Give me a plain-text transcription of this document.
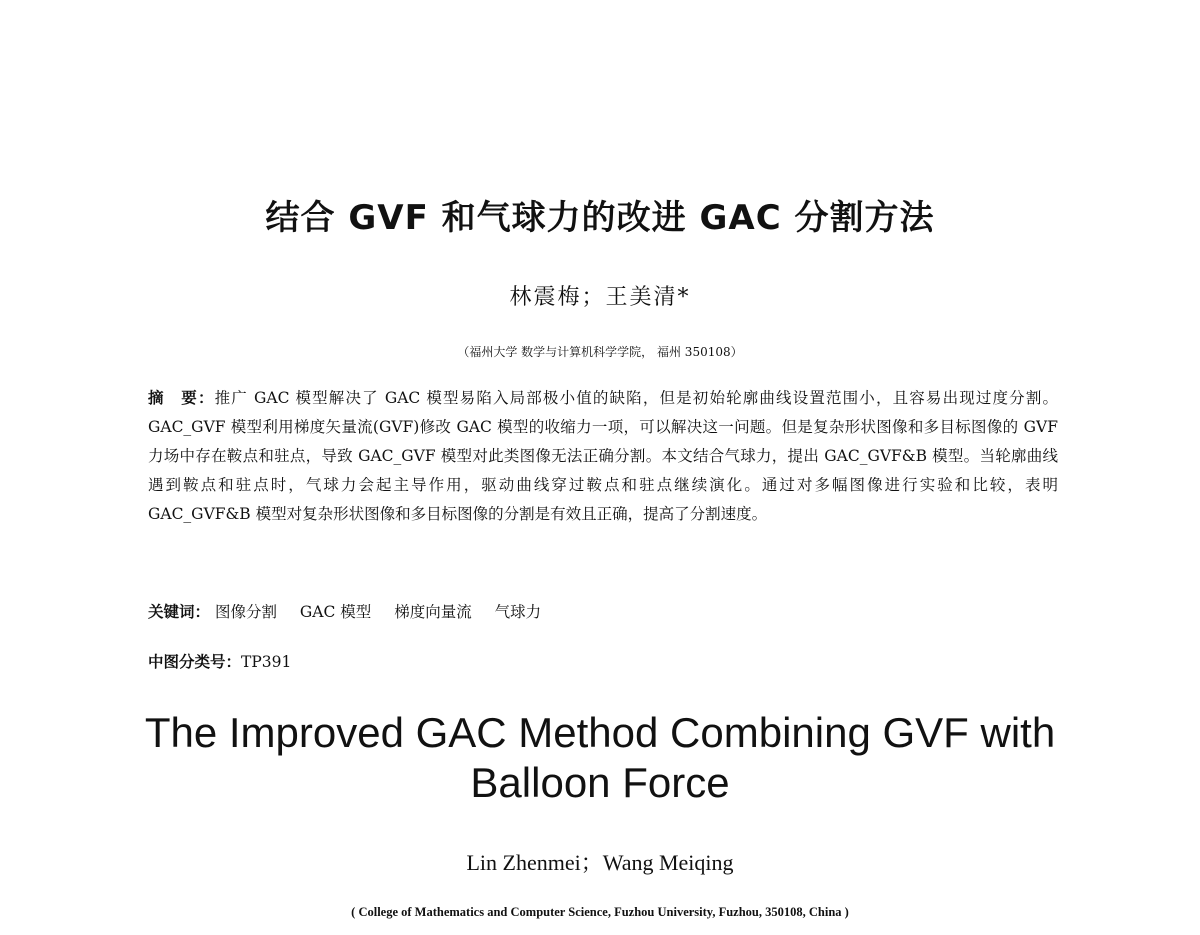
结合 GVF 和气球力的改进 GAC 分割方法
林震梅；王美清*
（福州大学 数学与计算机科学学院， 福州 350108）
摘　要：推广 GAC 模型解决了 GAC 模型易陷入局部极小值的缺陷，但是初始轮廓曲线设置范围小，且容易出现过度分割。GAC_GVF 模型利用梯度矢量流(GVF)修改 GAC 模型的收缩力一项，可以解决这一问题。但是复杂形状图像和多目标图像的 GVF 力场中存在鞍点和驻点，导致 GAC_GVF 模型对此类图像无法正确分割。本文结合气球力，提出 GAC_GVF&B 模型。当轮廓曲线遇到鞍点和驻点时，气球力会起主导作用，驱动曲线穿过鞍点和驻点继续演化。通过对多幅图像进行实验和比较，表明 GAC_GVF&B 模型对复杂形状图像和多目标图像的分割是有效且正确，提高了分割速度。
关键词： 图像分割 GAC 模型 梯度向量流 气球力
中图分类号：TP391
The Improved GAC Method Combining GVF with
Balloon Force
Lin Zhenmei；Wang Meiqing
( College of Mathematics and Computer Science, Fuzhou University, Fuzhou, 350108, China )
